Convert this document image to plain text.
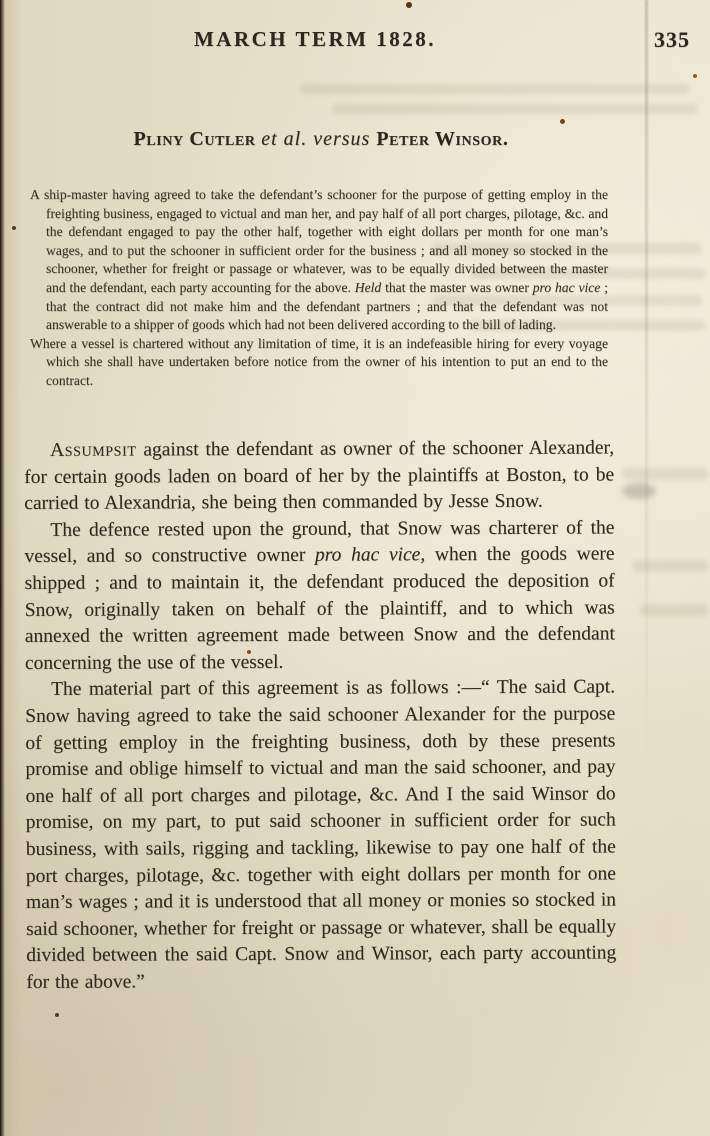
MARCH TERM 1828.	335
Pliny Cutler et al. versus Peter Winsor.

A ship-master having agreed to take the defendant’s schooner for the purpose of getting employ in the freighting business, engaged to victual and man her, and pay half of all port charges, pilotage, &c. and the defendant engaged to pay the other half, together with eight dollars per month for one man’s wages, and to put the schooner in sufficient order for the business ; and all money so stocked in the schooner, whether for freight or passage or whatever, was to be equally divided between the master and the defendant, each party accounting for the above. Held that the master was owner pro hac vice ; that the contract did not make him and the defendant partners ; and that the defendant was not answerable to a shipper of goods which had not been delivered according to the bill of lading.

Where a vessel is chartered without any limitation of time, it is an indefeasible hiring for every voyage which she shall have undertaken before notice from the owner of his intention to put an end to the contract.

Assumpsit against the defendant as owner of the schooner Alexander, for certain goods laden on board of her by the plaintiffs at Boston, to be carried to Alexandria, she being then commanded by Jesse Snow.

The defence rested upon the ground, that Snow was charterer of the vessel, and so constructive owner pro hac vice, when the goods were shipped ; and to maintain it, the defendant produced the deposition of Snow, originally taken on behalf of the plaintiff, and to which was annexed the written agreement made between Snow and the defendant concerning the use of the vessel.

The material part of this agreement is as follows :—“ The said Capt. Snow having agreed to take the said schooner Alexander for the purpose of getting employ in the freighting business, doth by these presents promise and oblige himself to victual and man the said schooner, and pay one half of all port charges and pilotage, &c. And I the said Winsor do promise, on my part, to put said schooner in sufficient order for such business, with sails, rigging and tackling, likewise to pay one half of the port charges, pilotage, &c. together with eight dollars per month for one man’s wages ; and it is understood that all money or monies so stocked in said schooner, whether for freight or passage or whatever, shall be equally divided between the said Capt. Snow and Winsor, each party accounting for the above.”
